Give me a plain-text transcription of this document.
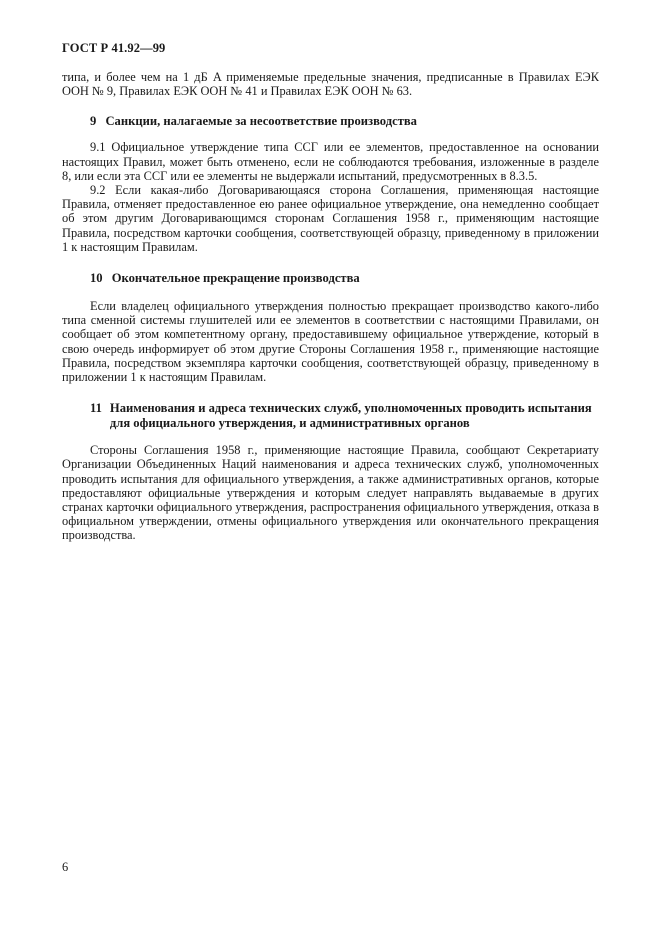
ГОСТ Р 41.92—99

типа, и более чем на 1 дБ A применяемые предельные значения, предписанные в Правилах ЕЭК ООН № 9, Правилах ЕЭК ООН № 41 и Правилах ЕЭК ООН № 63.

9 Санкции, налагаемые за несоответствие производства

9.1 Официальное утверждение типа ССГ или ее элементов, предоставленное на основании настоящих Правил, может быть отменено, если не соблюдаются требования, изложенные в разделе 8, или если эта ССГ или ее элементы не выдержали испытаний, предусмотренных в 8.3.5.

9.2 Если какая-либо Договаривающаяся сторона Соглашения, применяющая настоящие Правила, отменяет предоставленное ею ранее официальное утверждение, она немедленно сообщает об этом другим Договаривающимся сторонам Соглашения 1958 г., применяющим настоящие Правила, посредством карточки сообщения, соответствующей образцу, приведенному в приложении 1 к настоящим Правилам.

10 Окончательное прекращение производства

Если владелец официального утверждения полностью прекращает производство какого-либо типа сменной системы глушителей или ее элементов в соответствии с настоящими Правилами, он сообщает об этом компетентному органу, предоставившему официальное утверждение, который в свою очередь информирует об этом другие Стороны Соглашения 1958 г., применяющие настоящие Правила, посредством экземпляра карточки сообщения, соответствующей образцу, приведенному в приложении 1 к настоящим Правилам.

11 Наименования и адреса технических служб, уполномоченных проводить испытания для официального утверждения, и административных органов

Стороны Соглашения 1958 г., применяющие настоящие Правила, сообщают Секретариату Организации Объединенных Наций наименования и адреса технических служб, уполномоченных проводить испытания для официального утверждения, а также административных органов, которые предоставляют официальные утверждения и которым следует направлять выдаваемые в других странах карточки официального утверждения, распространения официального утверждения, отказа в официальном утверждении, отмены официального утверждения или окончательного прекращения производства.

6
